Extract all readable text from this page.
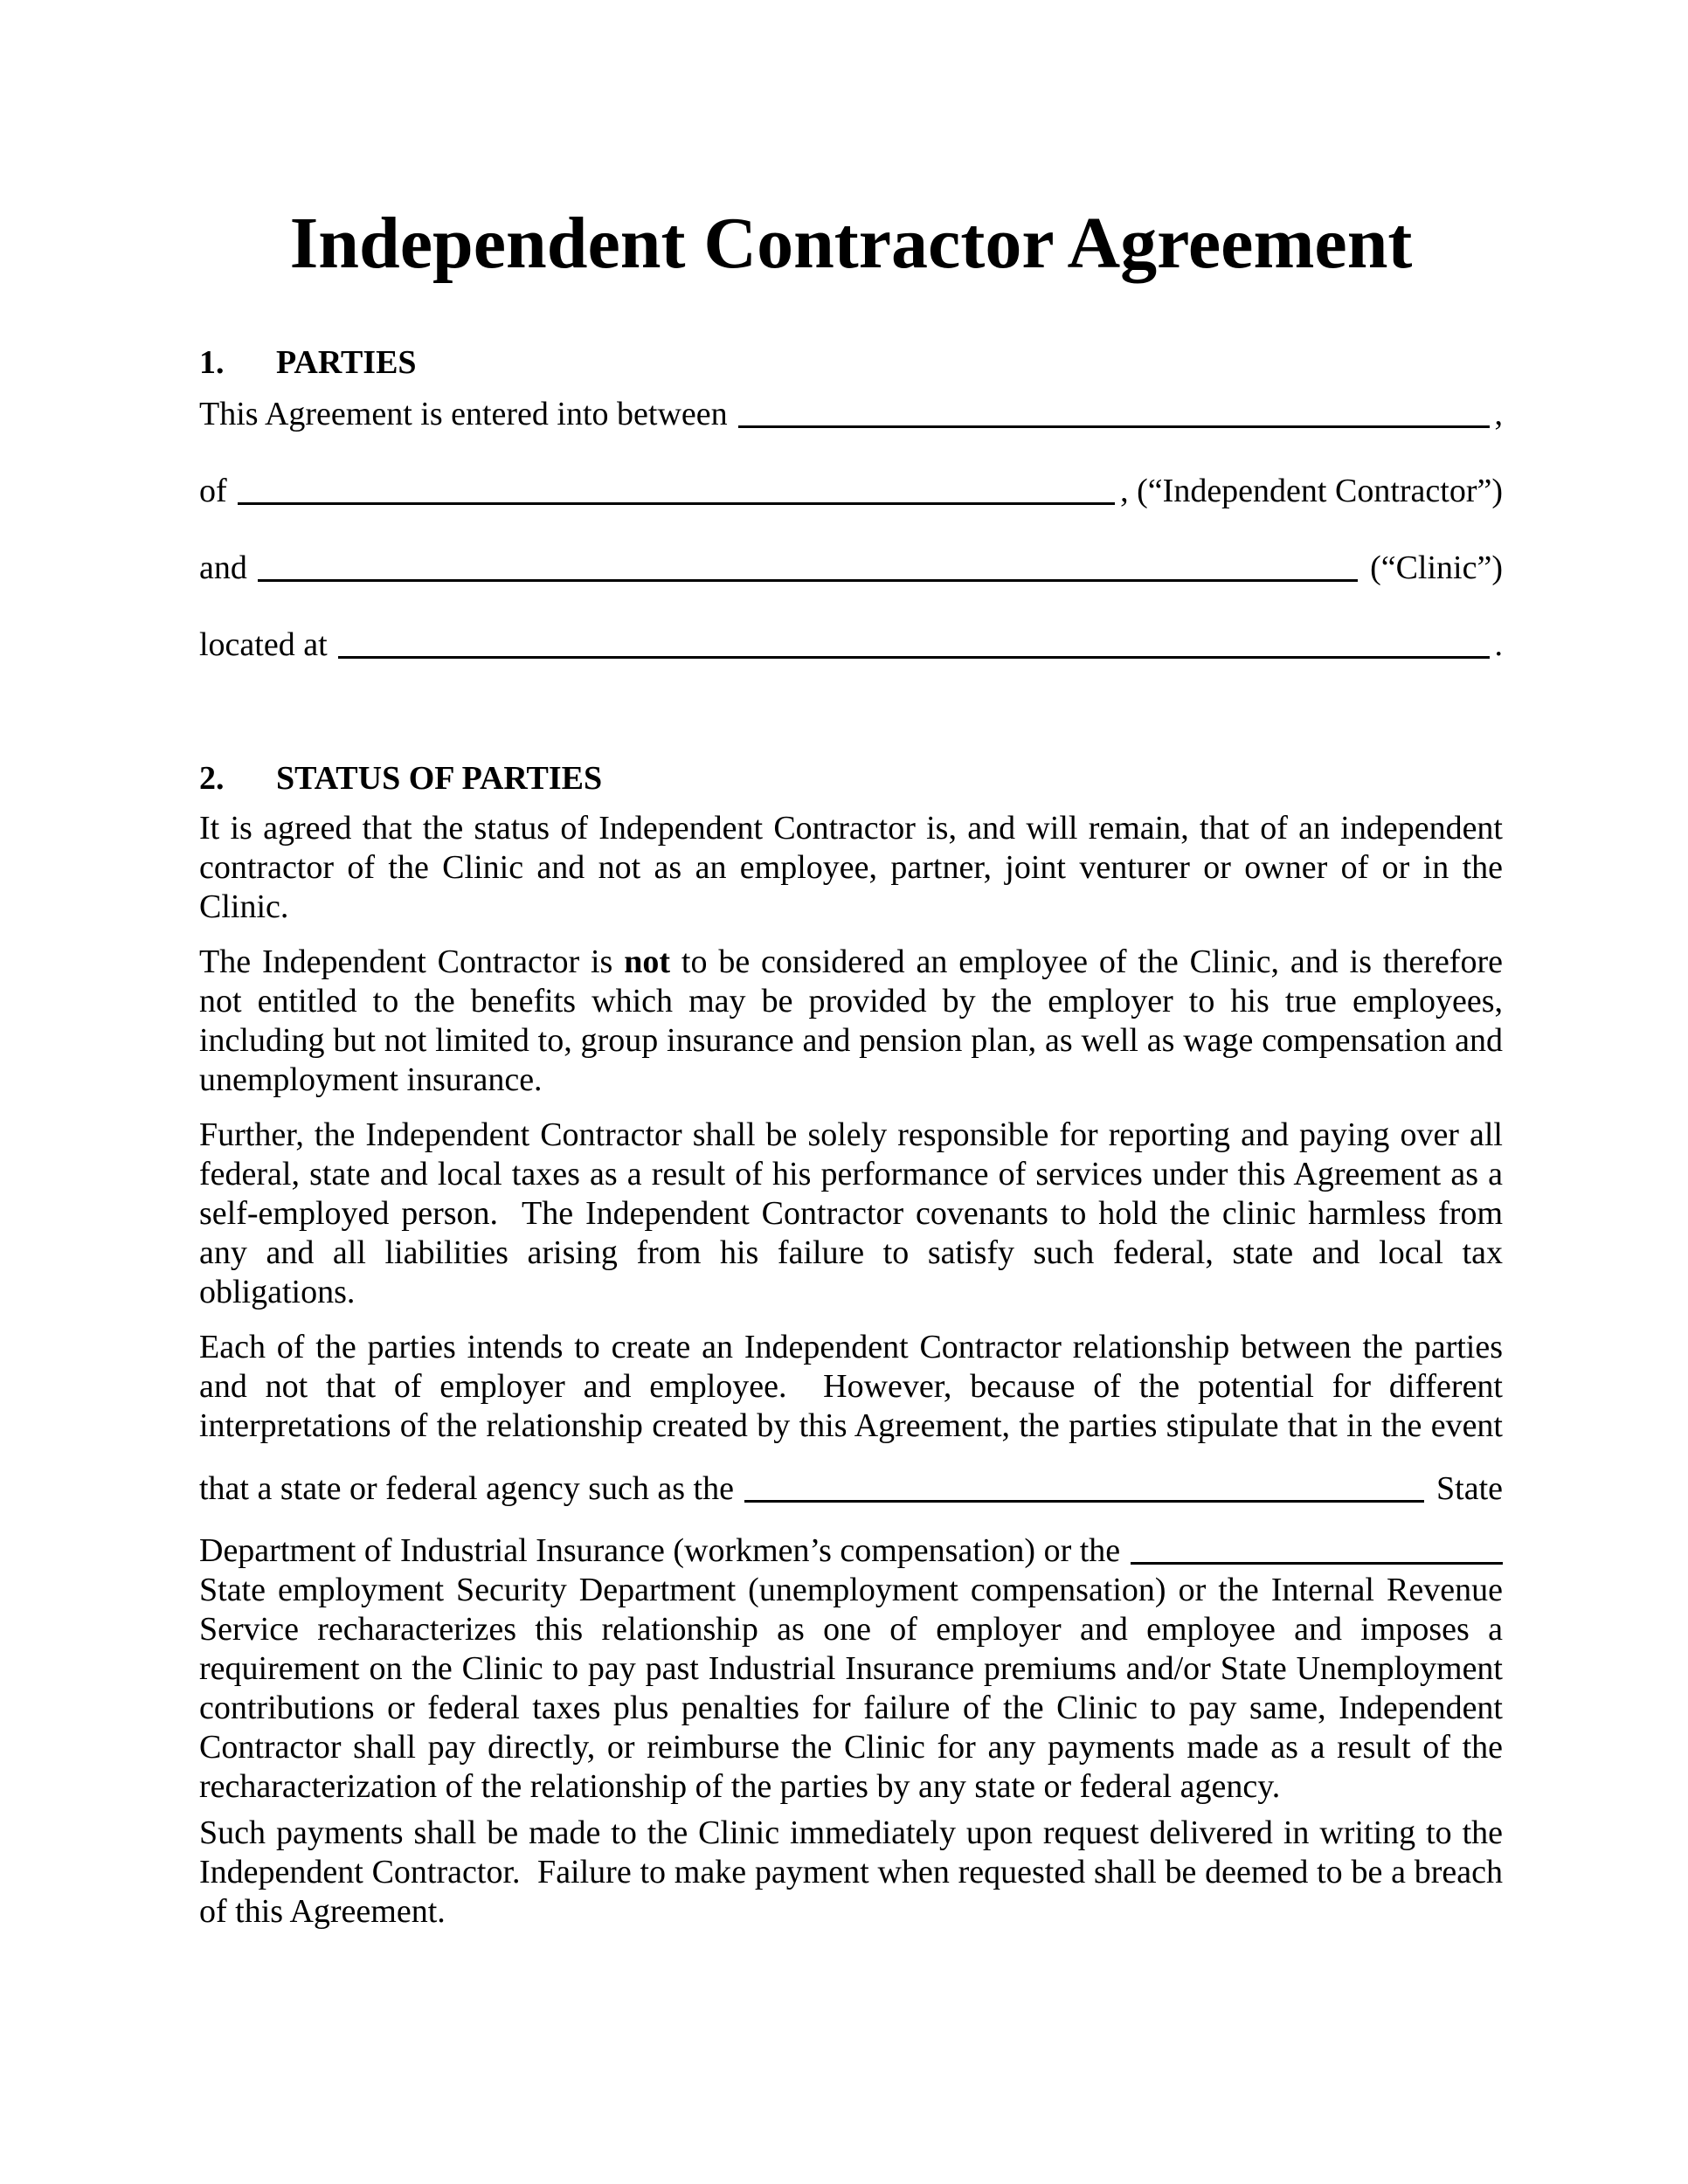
Independent Contractor Agreement
1. PARTIES
This Agreement is entered into between	,
of	, (“Independent Contractor”)
and	(“Clinic”)
located at	.
2. STATUS OF PARTIES

It is agreed that the status of Independent Contractor is, and will remain, that of an independent contractor of the Clinic and not as an employee, partner, joint venturer or owner of or in the Clinic.

The Independent Contractor is not to be considered an employee of the Clinic, and is therefore not entitled to the benefits which may be provided by the employer to his true employees, including but not limited to, group insurance and pension plan, as well as wage compensation and unemployment insurance.

Further, the Independent Contractor shall be solely responsible for reporting and paying over all federal, state and local taxes as a result of his performance of services under this Agreement as a self-employed person.  The Independent Contractor covenants to hold the clinic harmless from any and all liabilities arising from his failure to satisfy such federal, state and local tax obligations.

Each of the parties intends to create an Independent Contractor relationship between the parties and not that of employer and employee.  However, because of the potential for different interpretations of the relationship created by this Agreement, the parties stipulate that in the event

that a state or federal agency such as the	State
Department of Industrial Insurance (workmen’s compensation) or the

State employment Security Department (unemployment compensation) or the Internal Revenue Service recharacterizes this relationship as one of employer and employee and imposes a requirement on the Clinic to pay past Industrial Insurance premiums and/or State Unemployment contributions or federal taxes plus penalties for failure of the Clinic to pay same, Independent Contractor shall pay directly, or reimburse the Clinic for any payments made as a result of the recharacterization of the relationship of the parties by any state or federal agency.

Such payments shall be made to the Clinic immediately upon request delivered in writing to the Independent Contractor.  Failure to make payment when requested shall be deemed to be a breach of this Agreement.
